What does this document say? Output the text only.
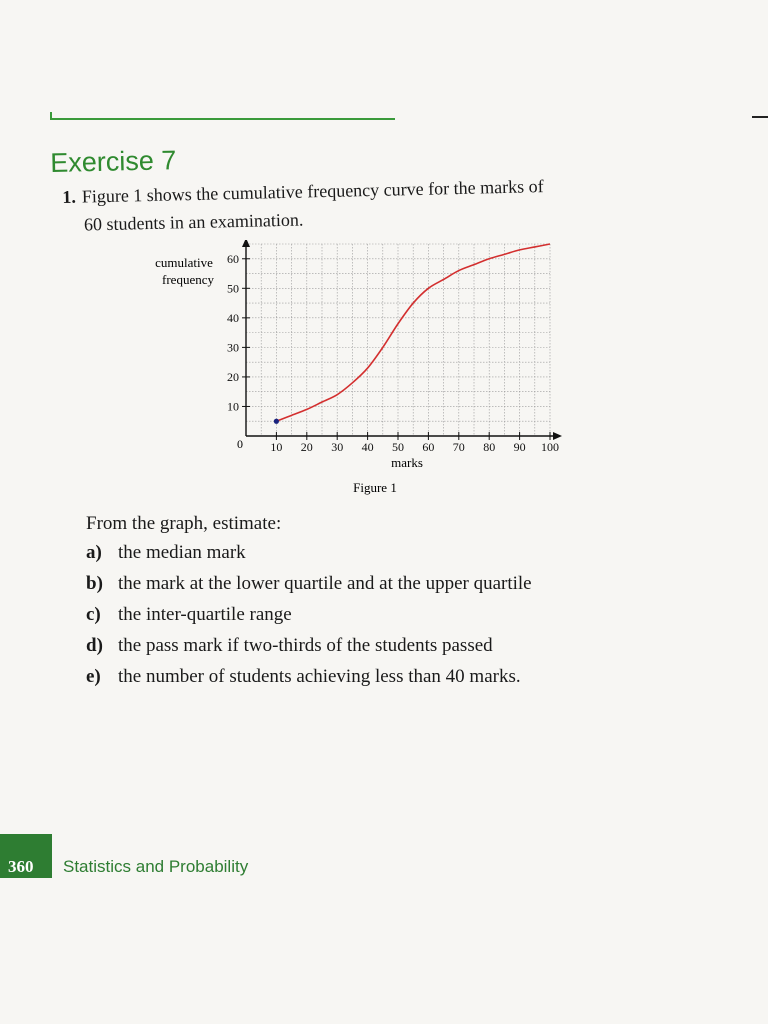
Exercise 7
1. Figure 1 shows the cumulative frequency curve for the marks of
60 students in an examination.
10 20 30 40 50 60 70 80 90 100
10
20
30
40
50
60
cumulative
frequency
marks
Figure 1
0
From the graph, estimate:
a) the median mark
b) the mark at the lower quartile and at the upper quartile
c) the inter-quartile range
d) the pass mark if two-thirds of the students passed
e) the number of students achieving less than 40 marks.
360 Statistics and Probability
